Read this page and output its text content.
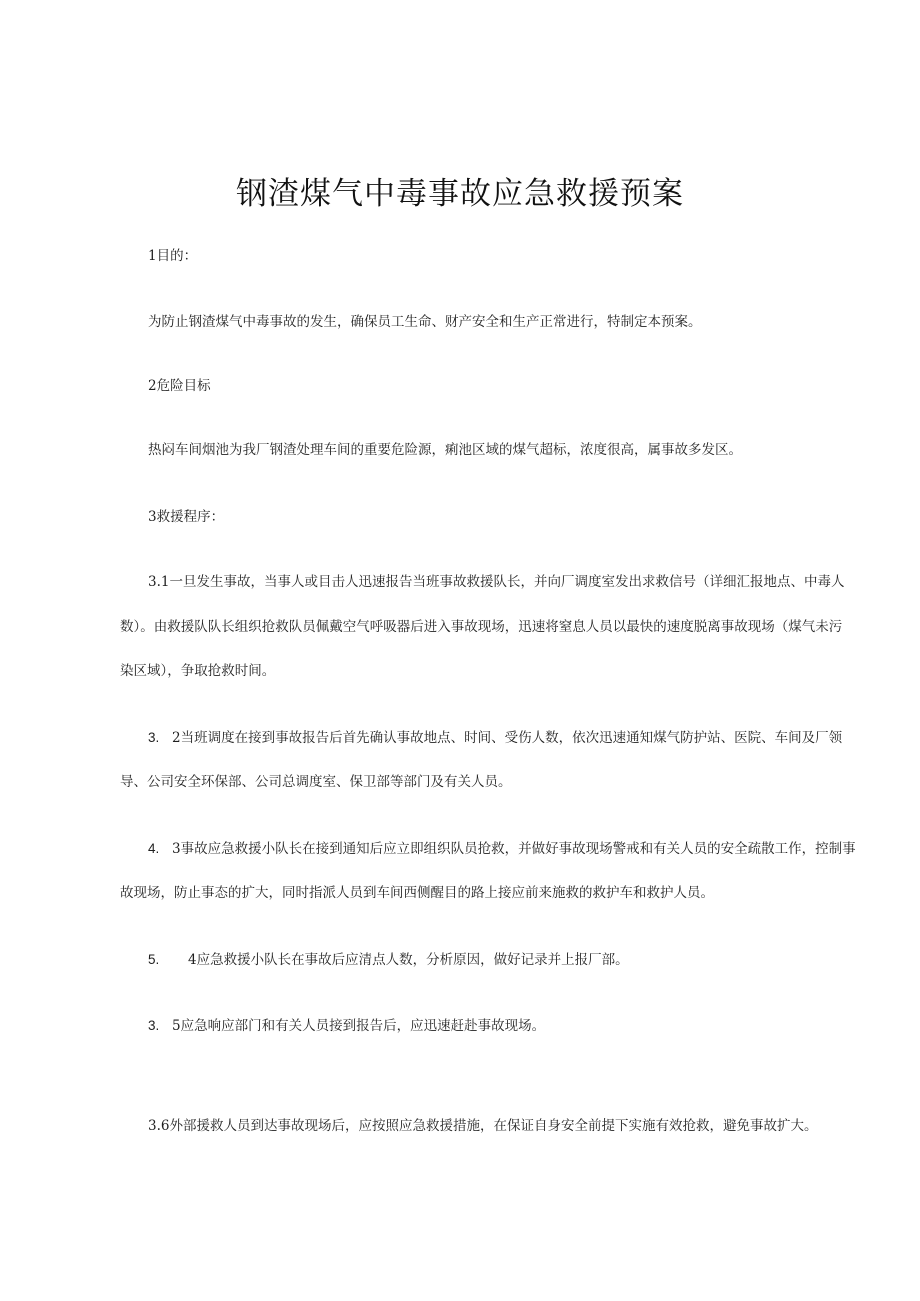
钢渣煤气中毒事故应急救援预案
1目的：
为防止钢渣煤气中毒事故的发生，确保员工生命、财产安全和生产正常进行，特制定本预案。
2危险目标
热闷车间烟池为我厂钢渣处理车间的重要危险源，痢池区域的煤气超标，浓度很高，属事故多发区。
3救援程序：
3.1一旦发生事故，当事人或目击人迅速报告当班事故救援队长，并向厂调度室发出求救信号（详细汇报地点、中毒人
数）。由救援队队长组织抢救队员佩戴空气呼吸器后进入事故现场，迅速将窒息人员以最快的速度脱离事故现场（煤气未污
染区域），争取抢救时间。
3. 2当班调度在接到事故报告后首先确认事故地点、时间、受伤人数，依次迅速通知煤气防护站、医院、车间及厂领
导、公司安全环保部、公司总调度室、保卫部等部门及有关人员。
4. 3事故应急救援小队长在接到通知后应立即组织队员抢救，并做好事故现场警戒和有关人员的安全疏散工作，控制事
故现场，防止事态的扩大，同时指派人员到车间西侧醒目的路上接应前来施救的救护车和救护人员。
5. 4应急救援小队长在事故后应清点人数，分析原因，做好记录并上报厂部。
3. 5应急响应部门和有关人员接到报告后，应迅速赶赴事故现场。
3.6外部援救人员到达事故现场后，应按照应急救援措施，在保证自身安全前提下实施有效抢救，避免事故扩大。
